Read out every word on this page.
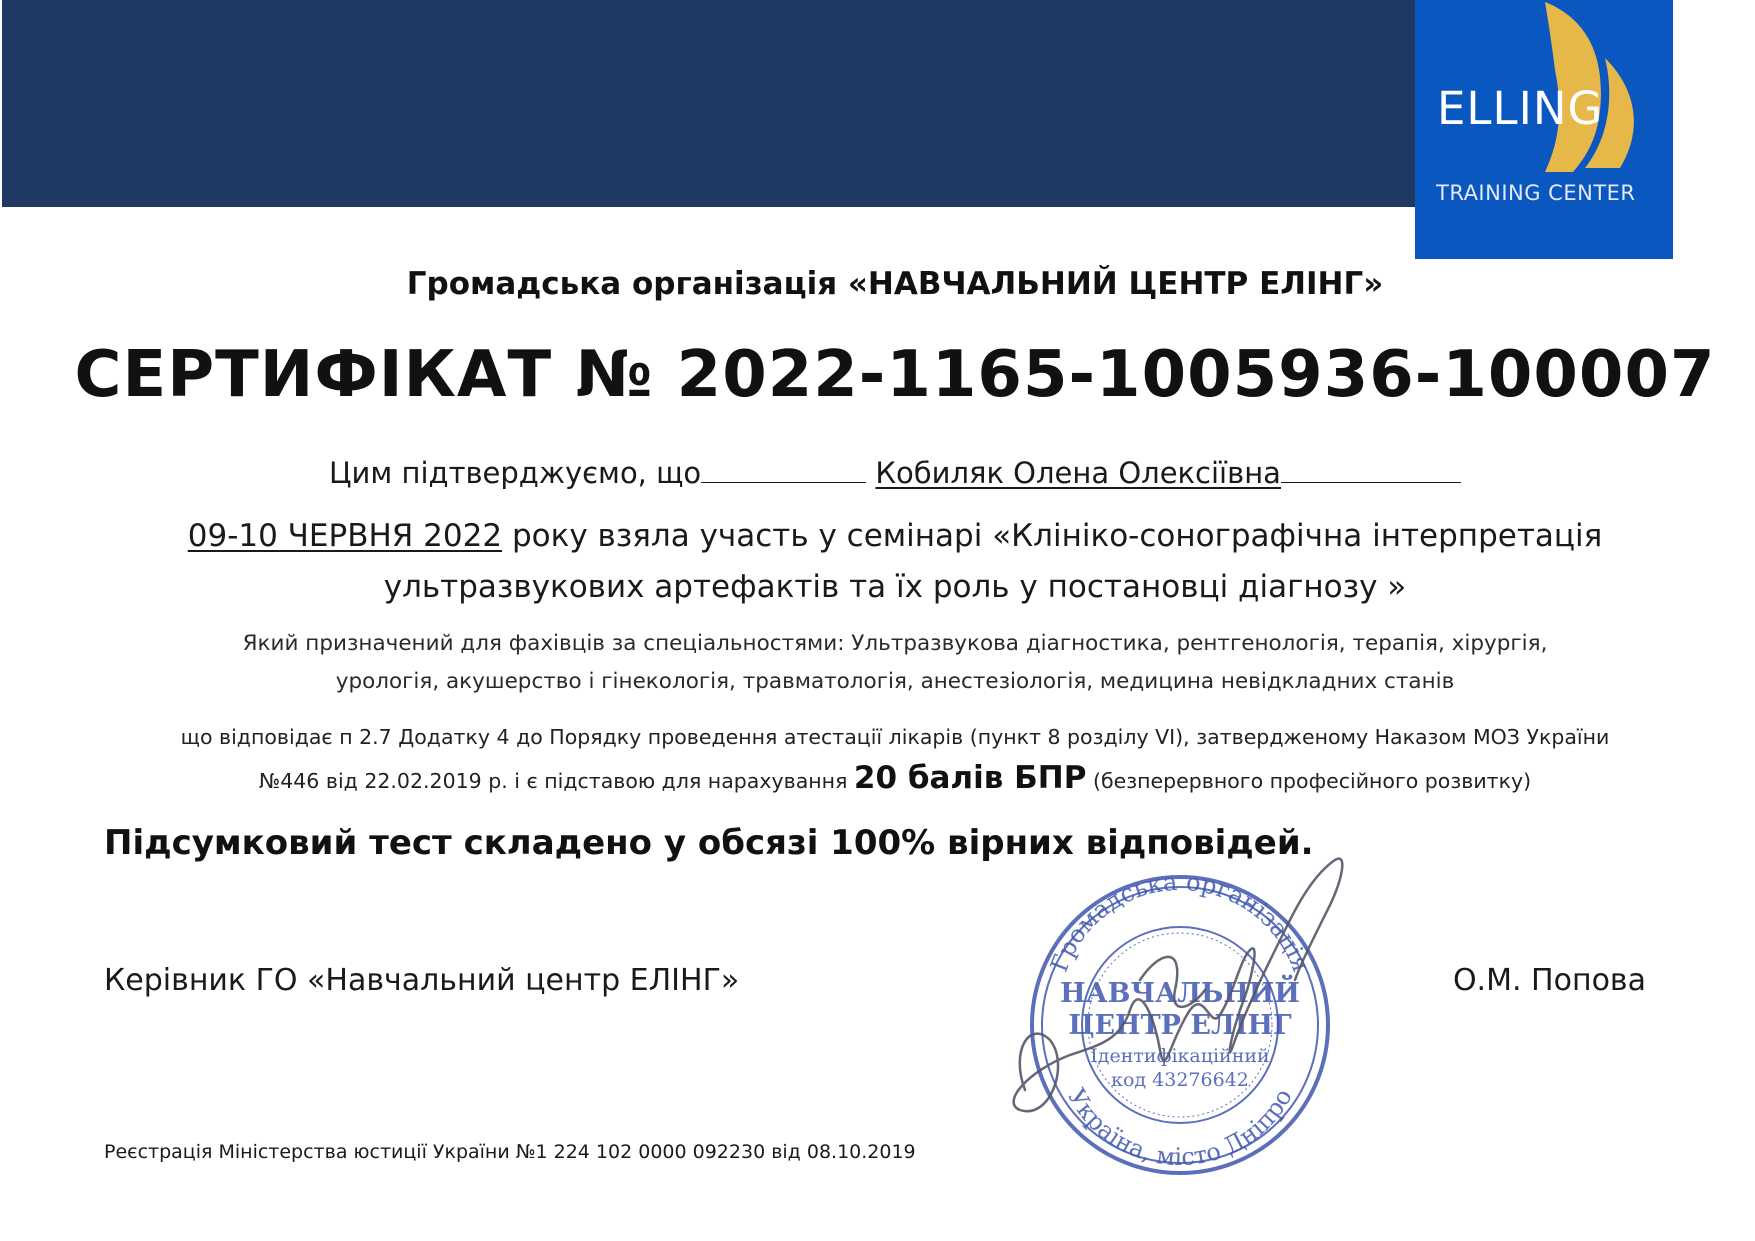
ELLING
TRAINING CENTER
Громадська організація «НАВЧАЛЬНИЙ ЦЕНТР ЕЛІНГ»
СЕРТИФІКАТ № 2022-1165-1005936-100007
Цим підтверджуємо, що	Кобиляк Олена Олексіївна
09-10 ЧЕРВНЯ 2022 року взяла участь у семінарі «Клініко-сонографічна інтерпретація
ультразвукових артефактів та їх роль у постановці діагнозу »
Який призначений для фахівців за спеціальностями: Ультразвукова діагностика, рентгенологія, терапія, хірургія,
урологія, акушерство і гінекологія, травматологія, анестезіологія, медицина невідкладних станів
що відповідає п 2.7 Додатку 4 до Порядку проведення атестації лікарів (пункт 8 розділу VI), затвердженому Наказом МОЗ України
№446 від 22.02.2019 р. і є підставою для нарахування 20 балів БПР (безперервного професійного розвитку)
Підсумковий тест складено у обсязі 100% вірних відповідей.
Керівник ГО «Навчальний центр ЕЛІНГ»	О.М. Попова
Громадська організація
Україна, місто Дніпро
НАВЧАЛЬНИЙ
ЦЕНТР ЕЛІНГ
Ідентифікаційний
код 43276642
Реєстрація Міністерства юстиції України №1 224 102 0000 092230 від 08.10.2019
